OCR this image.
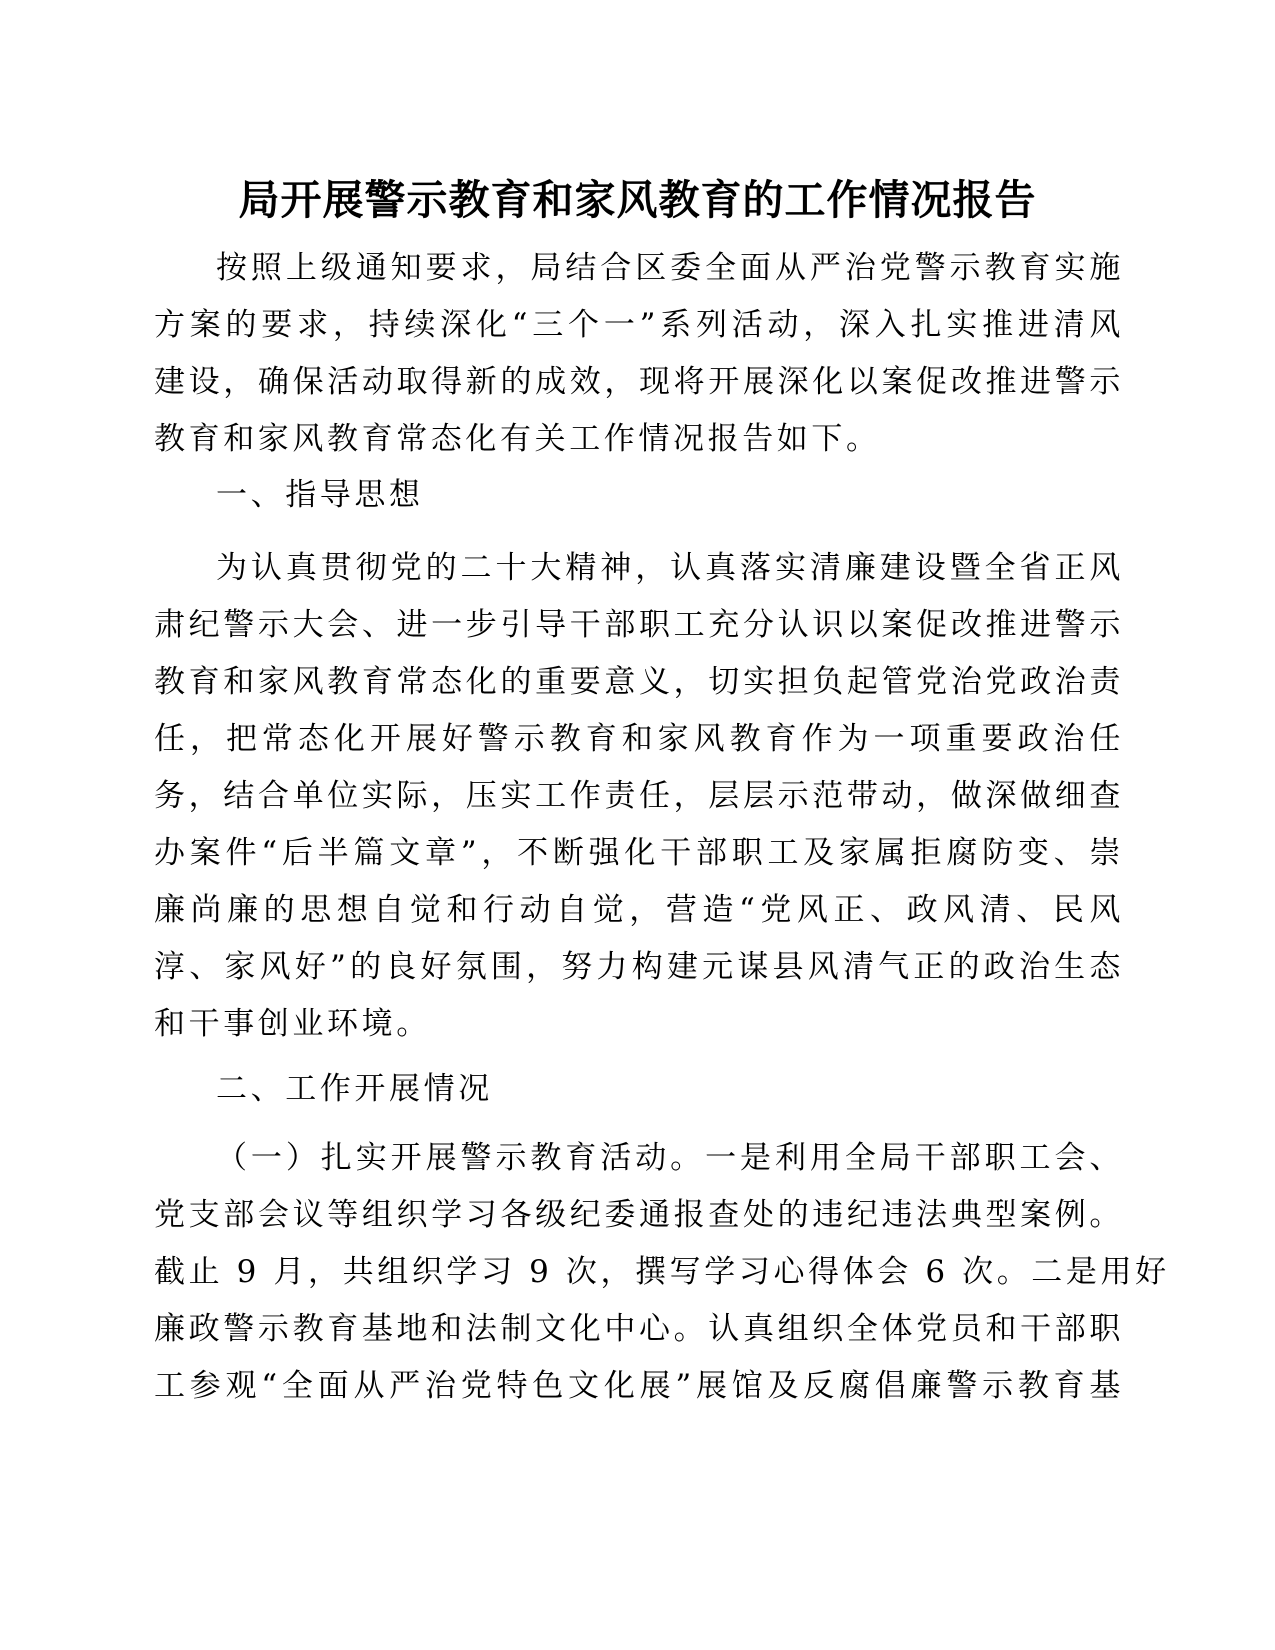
局开展警示教育和家风教育的工作情况报告
按照上级通知要求，局结合区委全面从严治党警示教育实施
方案的要求，持续深化“三个一”系列活动，深入扎实推进清风
建设，确保活动取得新的成效，现将开展深化以案促改推进警示
教育和家风教育常态化有关工作情况报告如下。
一、指导思想
为认真贯彻党的二十大精神，认真落实清廉建设暨全省正风
肃纪警示大会、进一步引导干部职工充分认识以案促改推进警示
教育和家风教育常态化的重要意义，切实担负起管党治党政治责
任，把常态化开展好警示教育和家风教育作为一项重要政治任
务，结合单位实际，压实工作责任，层层示范带动，做深做细查
办案件“后半篇文章”，不断强化干部职工及家属拒腐防变、崇
廉尚廉的思想自觉和行动自觉，营造“党风正、政风清、民风
淳、家风好”的良好氛围，努力构建元谋县风清气正的政治生态
和干事创业环境。
二、工作开展情况
（一）扎实开展警示教育活动。一是利用全局干部职工会、
党支部会议等组织学习各级纪委通报查处的违纪违法典型案例。
截止 9 月，共组织学习 9 次，撰写学习心得体会 6 次。二是用好
廉政警示教育基地和法制文化中心。认真组织全体党员和干部职
工参观“全面从严治党特色文化展”展馆及反腐倡廉警示教育基
